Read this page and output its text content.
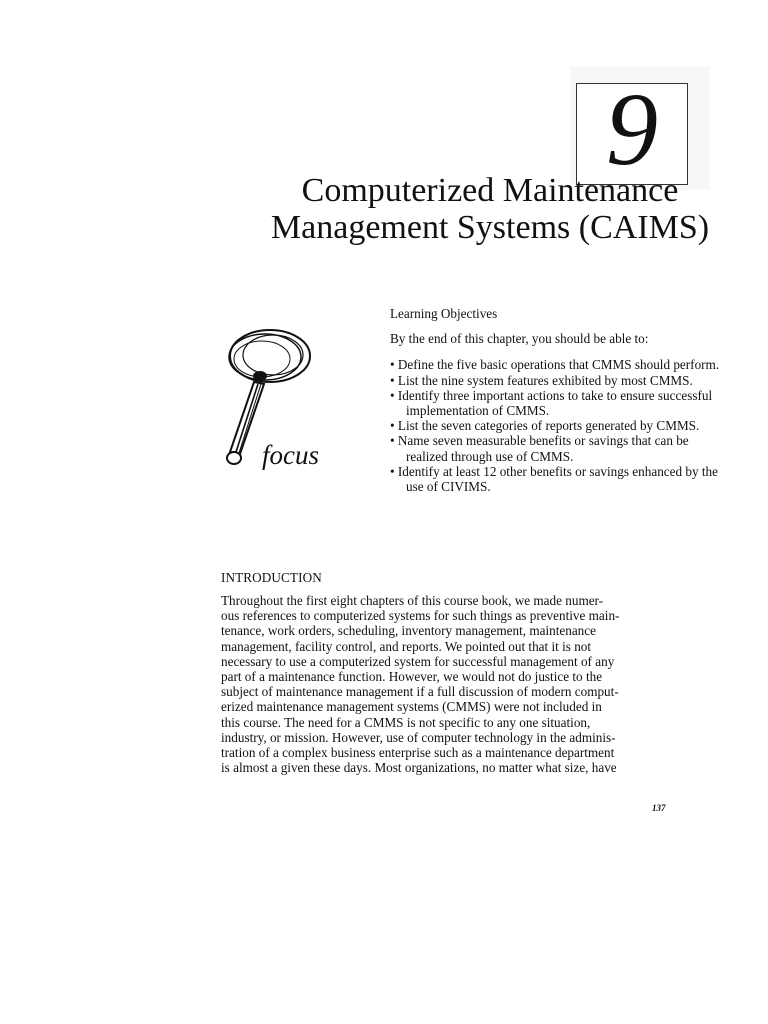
9
Computerized Maintenance
Management Systems (CAIMS)
focus
Learning Objectives
By the end of this chapter, you should be able to:
• Define the five basic operations that CMMS should perform.
• List the nine system features exhibited by most CMMS.
• Identify three important actions to take to ensure successful implementation of CMMS.
• List the seven categories of reports generated by CMMS.
• Name seven measurable benefits or savings that can be realized through use of CMMS.
• Identify at least 12 other benefits or savings enhanced by the use of CIVIMS.
INTRODUCTION
Throughout the first eight chapters of this course book, we made numer-
ous references to computerized systems for such things as preventive main-
tenance, work orders, scheduling, inventory management, maintenance
management, facility control, and reports. We pointed out that it is not
necessary to use a computerized system for successful management of any
part of a maintenance function. However, we would not do justice to the
subject of maintenance management if a full discussion of modern comput-
erized maintenance management systems (CMMS) were not included in
this course. The need for a CMMS is not specific to any one situation,
industry, or mission. However, use of computer technology in the adminis-
tration of a complex business enterprise such as a maintenance department
is almost a given these days. Most organizations, no matter what size, have
137
